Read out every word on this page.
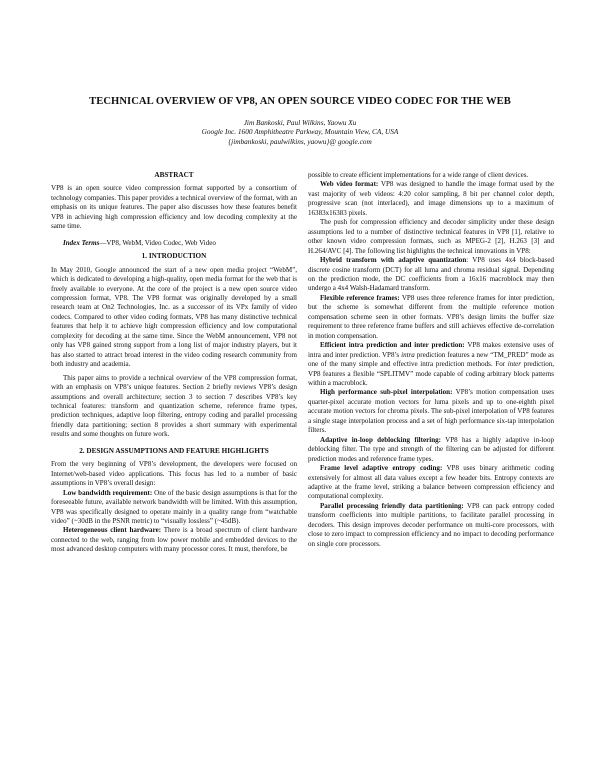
TECHNICAL OVERVIEW OF VP8, AN OPEN SOURCE VIDEO CODEC FOR THE WEB
Jim Bankoski, Paul Wilkins, Yaowu Xu
Google Inc. 1600 Amphitheatre Parkway, Mountain View, CA, USA
{jimbankoski, paulwilkins, yaowu}@ google.com
ABSTRACT

VP8 is an open source video compression format supported by a consortium of technology companies. This paper provides a technical overview of the format, with an emphasis on its unique features. The paper also discusses how these features benefit VP8 in achieving high compression efficiency and low decoding complexity at the same time.

Index Terms—VP8, WebM, Video Codec, Web Video

1. INTRODUCTION

In May 2010, Google announced the start of a new open media project “WebM”, which is dedicated to developing a high-quality, open media format for the web that is freely available to everyone. At the core of the project is a new open source video compression format, VP8. The VP8 format was originally developed by a small research team at On2 Technologies, Inc. as a successor of its VPx family of video codecs. Compared to other video coding formats, VP8 has many distinctive technical features that help it to achieve high compression efficiency and low computational complexity for decoding at the same time. Since the WebM announcement, VP8 not only has VP8 gained strong support from a long list of major industry players, but it has also started to attract broad interest in the video coding research community from both industry and academia.

This paper aims to provide a technical overview of the VP8 compression format, with an emphasis on VP8’s unique features. Section 2 briefly reviews VP8’s design assumptions and overall architecture; section 3 to section 7 describes VP8’s key technical features: transform and quantization scheme, reference frame types, prediction techniques, adaptive loop filtering, entropy coding and parallel processing friendly data partitioning; section 8 provides a short summary with experimental results and some thoughts on future work.

2. DESIGN ASSUMPTIONS AND FEATURE HIGHLIGHTS

From the very beginning of VP8’s development, the developers were focused on Internet/web-based video applications. This focus has led to a number of basic assumptions in VP8’s overall design:

Low bandwidth requirement: One of the basic design assumptions is that for the foreseeable future, available network bandwidth will be limited. With this assumption, VP8 was specifically designed to operate mainly in a quality range from “watchable video” (~30dB in the PSNR metric) to “visually lossless” (~45dB).

Heterogeneous client hardware: There is a broad spectrum of client hardware connected to the web, ranging from low power mobile and embedded devices to the most advanced desktop computers with many processor cores. It must, therefore, be

possible to create efficient implementations for a wide range of client devices.

Web video format: VP8 was designed to handle the image format used by the vast majority of web videos: 4:20 color sampling, 8 bit per channel color depth, progressive scan (not interlaced), and image dimensions up to a maximum of 16383x16383 pixels.

The push for compression efficiency and decoder simplicity under these design assumptions led to a number of distinctive technical features in VP8 [1], relative to other known video compression formats, such as MPEG-2 [2], H.263 [3] and H.264/AVC [4]. The following list highlights the technical innovations in VP8:

Hybrid transform with adaptive quantization: VP8 uses 4x4 block-based discrete cosine transform (DCT) for all luma and chroma residual signal. Depending on the prediction mode, the DC coefficients from a 16x16 macroblock may then undergo a 4x4 Walsh-Hadamard transform.

Flexible reference frames: VP8 uses three reference frames for inter prediction, but the scheme is somewhat different from the multiple reference motion compensation scheme seen in other formats. VP8’s design limits the buffer size requirement to three reference frame buffers and still achieves effective de-correlation in motion compensation.

Efficient intra prediction and inter prediction: VP8 makes extensive uses of intra and inter prediction. VP8’s intra prediction features a new “TM_PRED” mode as one of the many simple and effective intra prediction methods. For inter prediction, VP8 features a flexible “SPLITMV” mode capable of coding arbitrary block patterns within a macroblock.

High performance sub-pixel interpolation: VP8’s motion compensation uses quarter-pixel accurate motion vectors for luma pixels and up to one-eighth pixel accurate motion vectors for chroma pixels. The sub-pixel interpolation of VP8 features a single stage interpolation process and a set of high performance six-tap interpolation filters.

Adaptive in-loop deblocking filtering: VP8 has a highly adaptive in-loop deblocking filter. The type and strength of the filtering can be adjusted for different prediction modes and reference frame types.

Frame level adaptive entropy coding: VP8 uses binary arithmetic coding extensively for almost all data values except a few header bits. Entropy contexts are adaptive at the frame level, striking a balance between compression efficiency and computational complexity.

Parallel processing friendly data partitioning: VP8 can pack entropy coded transform coefficients into multiple partitions, to facilitate parallel processing in decoders. This design improves decoder performance on multi-core processors, with close to zero impact to compression efficiency and no impact to decoding performance on single core processors.
